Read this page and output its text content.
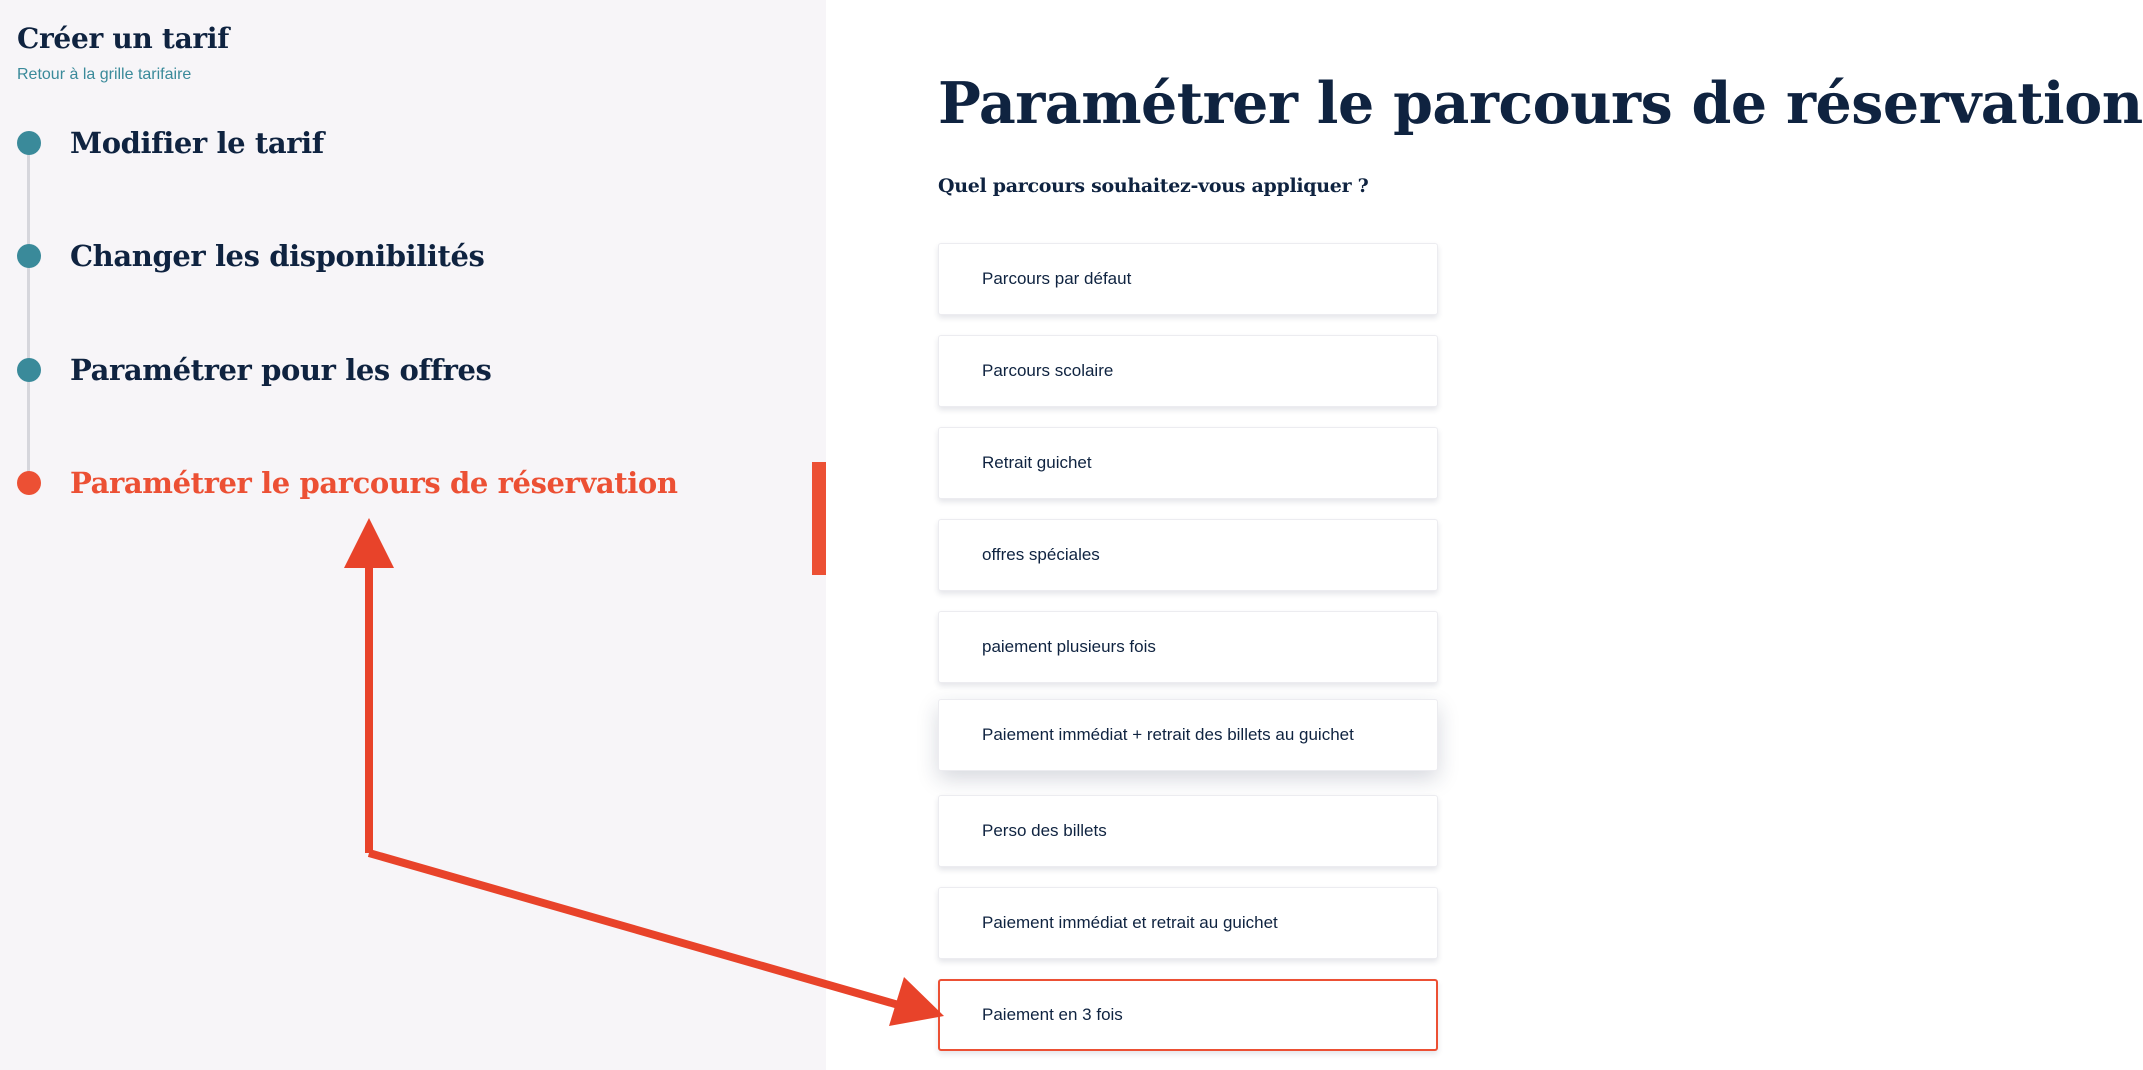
Créer un tarif
Retour à la grille tarifaire
Modifier le tarif
Changer les disponibilités
Paramétrer pour les offres
Paramétrer le parcours de réservation
Paramétrer le parcours de réservation
Quel parcours souhaitez-vous appliquer ?
Parcours par défaut
Parcours scolaire
Retrait guichet
offres spéciales
paiement plusieurs fois
Paiement immédiat + retrait des billets au guichet
Perso des billets
Paiement immédiat et retrait au guichet
Paiement en 3 fois
